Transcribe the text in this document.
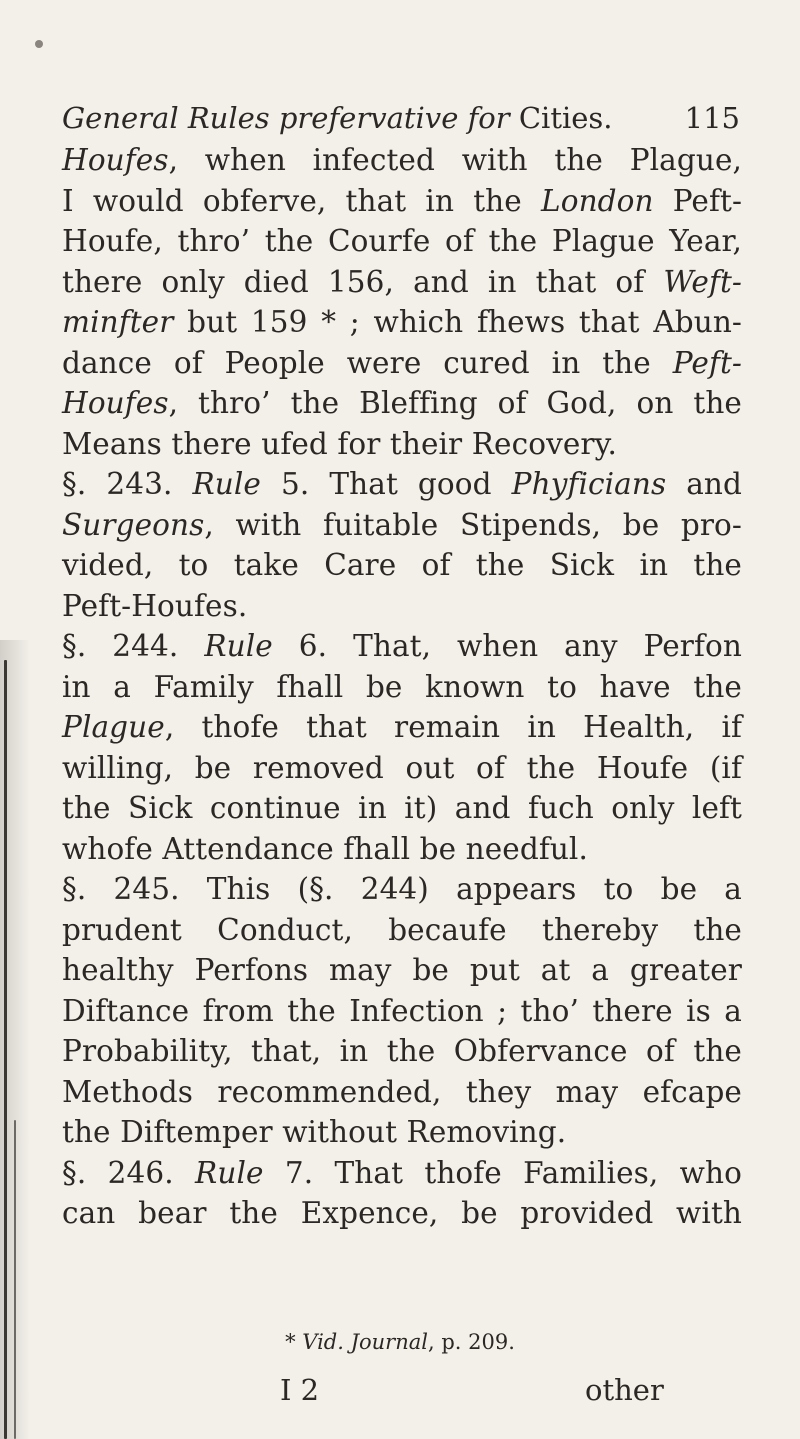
General Rules prefervative for Cities. 115
Houfes, when infected with the Plague,
I would obferve, that in the London Peft-
Houfe, thro’ the Courfe of the Plague Year,
there only died 156, and in that of Weft-
minfter but 159 * ; which fhews that Abun-
dance of People were cured in the Peft-
Houfes, thro’ the Bleffing of God, on the
Means there ufed for their Recovery.
§. 243. Rule 5. That good Phyficians and
Surgeons, with fuitable Stipends, be pro-
vided, to take Care of the Sick in the
Peft-Houfes.
§. 244. Rule 6. That, when any Perfon
in a Family fhall be known to have the
Plague, thofe that remain in Health, if
willing, be removed out of the Houfe (if
the Sick continue in it) and fuch only left
whofe Attendance fhall be needful.
§. 245. This (§. 244) appears to be a
prudent Conduct, becaufe thereby the
healthy Perfons may be put at a greater
Diftance from the Infection ; tho’ there is a
Probability, that, in the Obfervance of the
Methods recommended, they may efcape
the Diftemper without Removing.
§. 246. Rule 7. That thofe Families, who
can bear the Expence, be provided with
* Vid. Journal, p. 209.
I 2	other
